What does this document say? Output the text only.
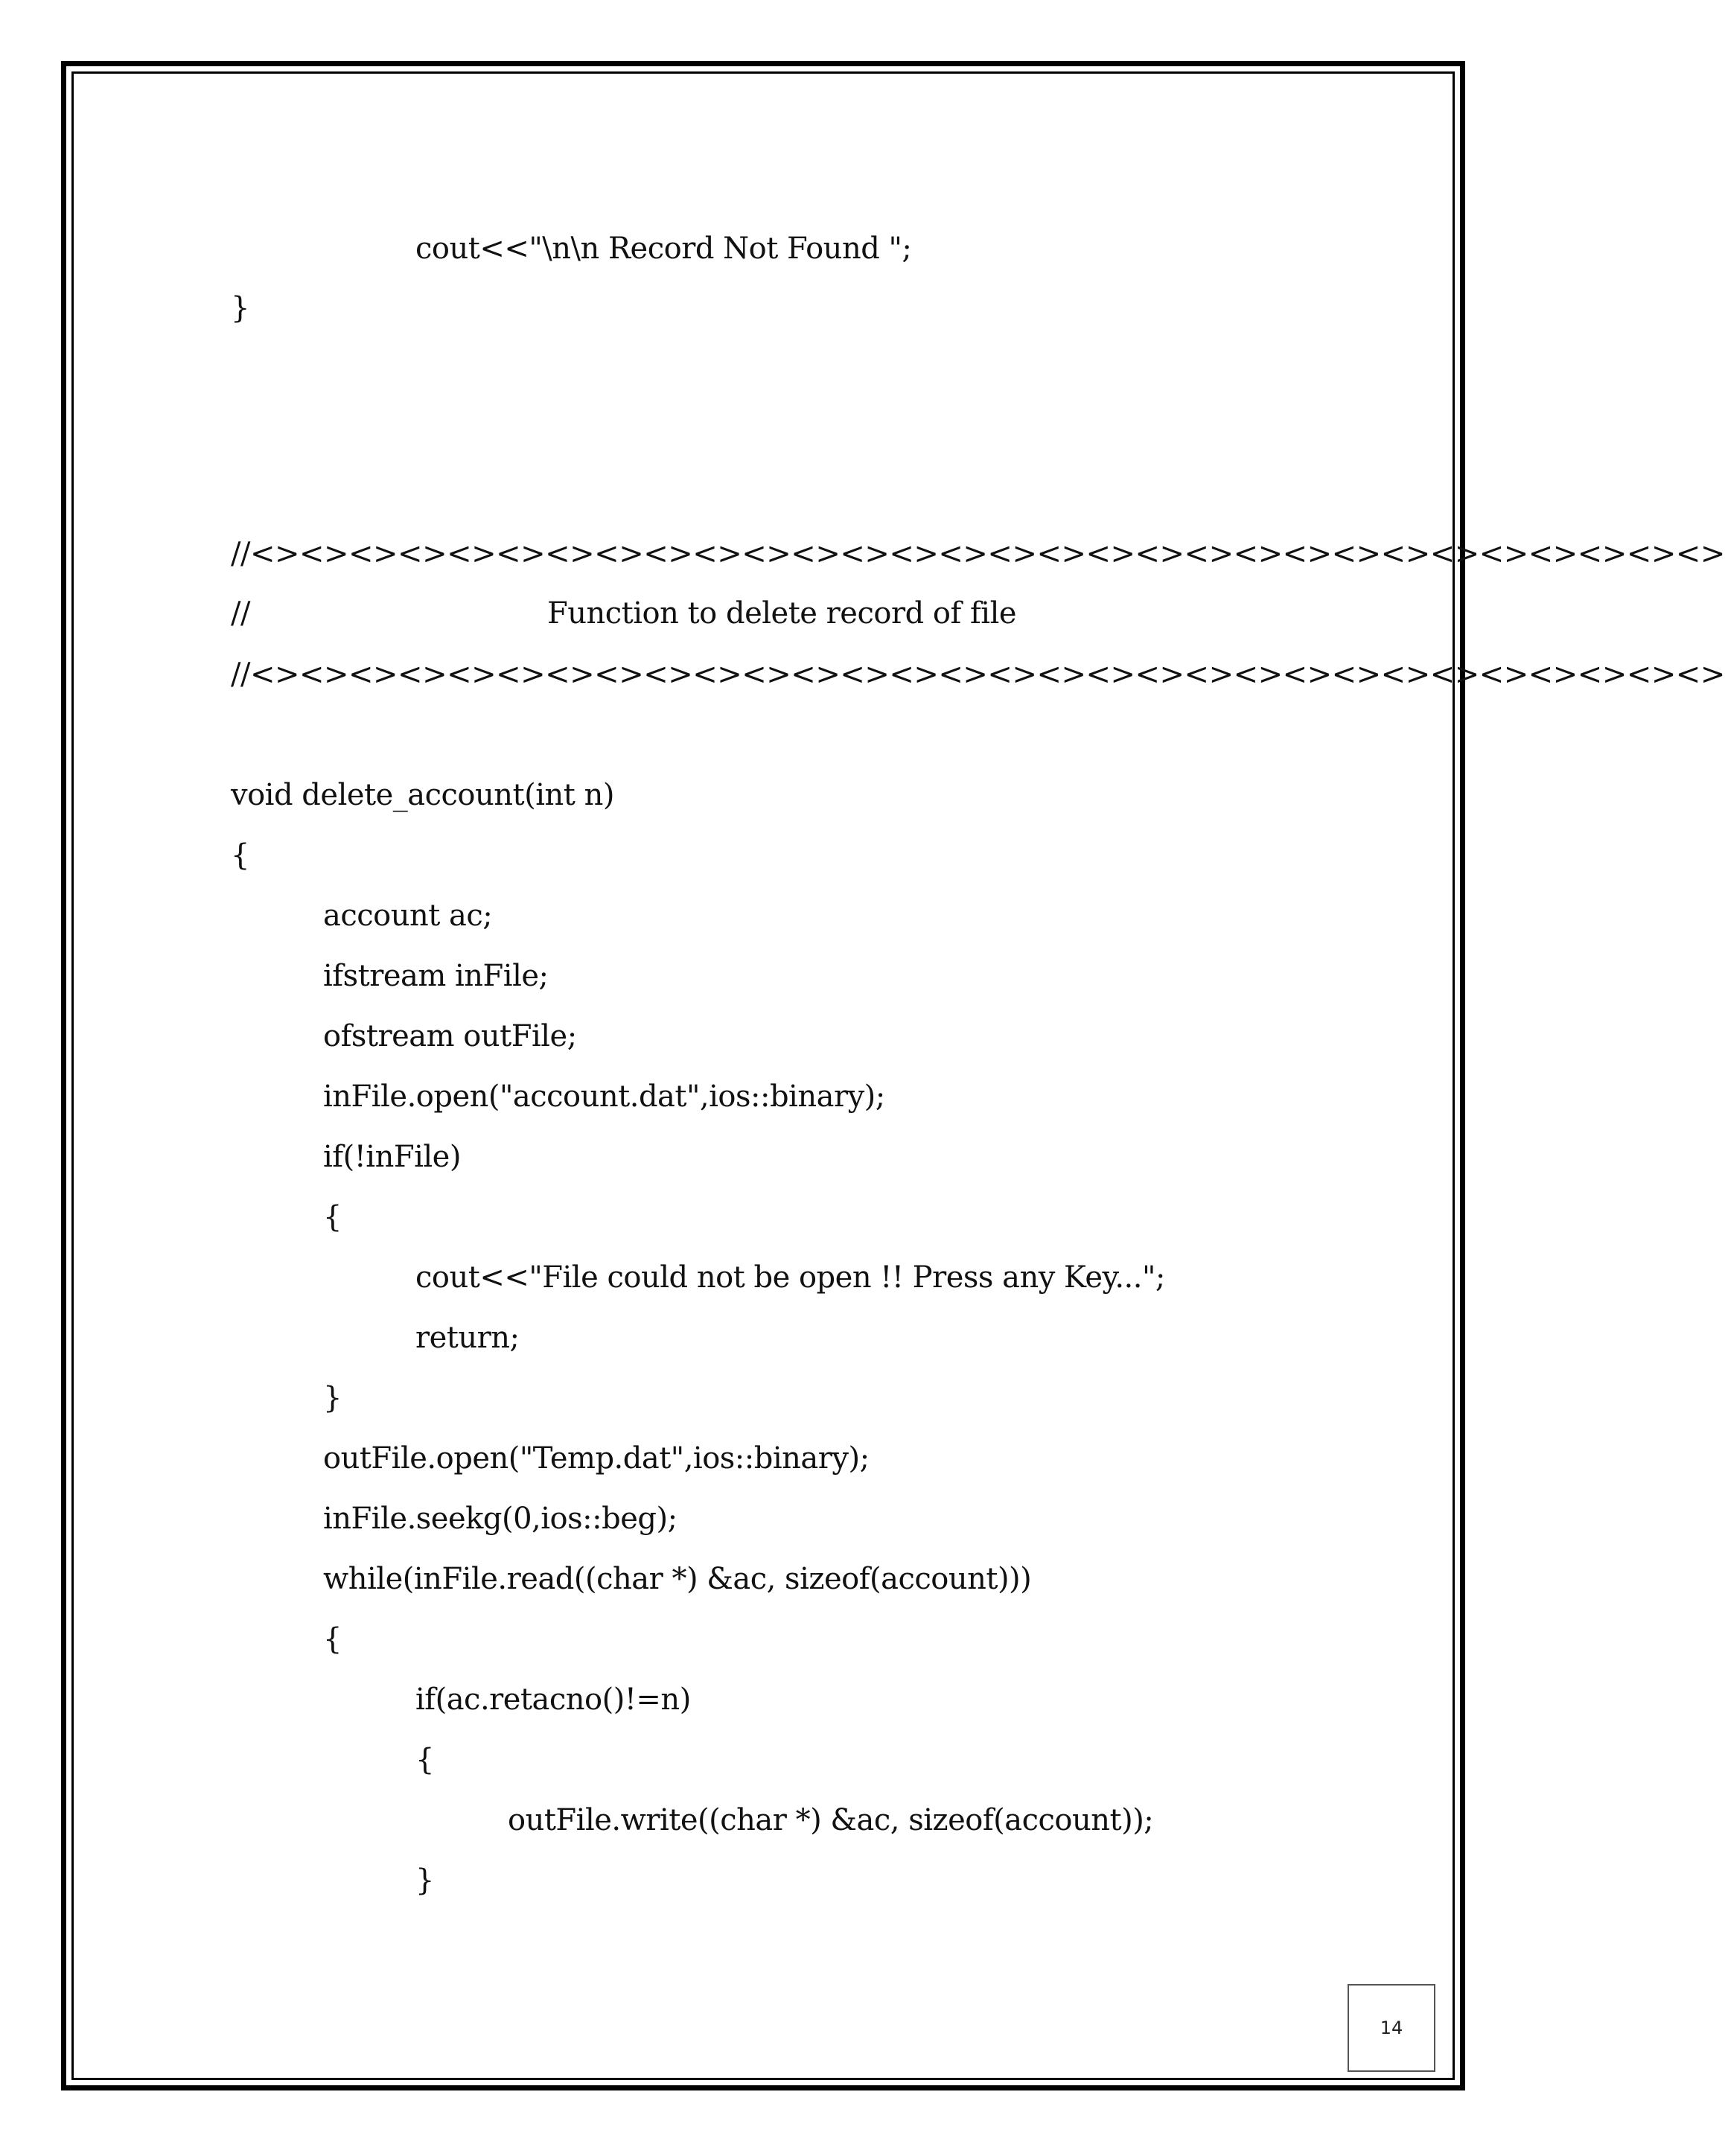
cout<<"\n\n Record Not Found ";
}
//<><><><><><><><><><><><><><><><><><><><><><><><><><><><><><>
//	Function to delete record of file
//<><><><><><><><><><><><><><><><><><><><><><><><><><><><><><>
void delete_account(int n)
{
account ac;
ifstream inFile;
ofstream outFile;
inFile.open("account.dat",ios::binary);
if(!inFile)
{
cout<<"File could not be open !! Press any Key...";
return;
}
outFile.open("Temp.dat",ios::binary);
inFile.seekg(0,ios::beg);
while(inFile.read((char *) &ac, sizeof(account)))
{
if(ac.retacno()!=n)
{
outFile.write((char *) &ac, sizeof(account));
}
14
